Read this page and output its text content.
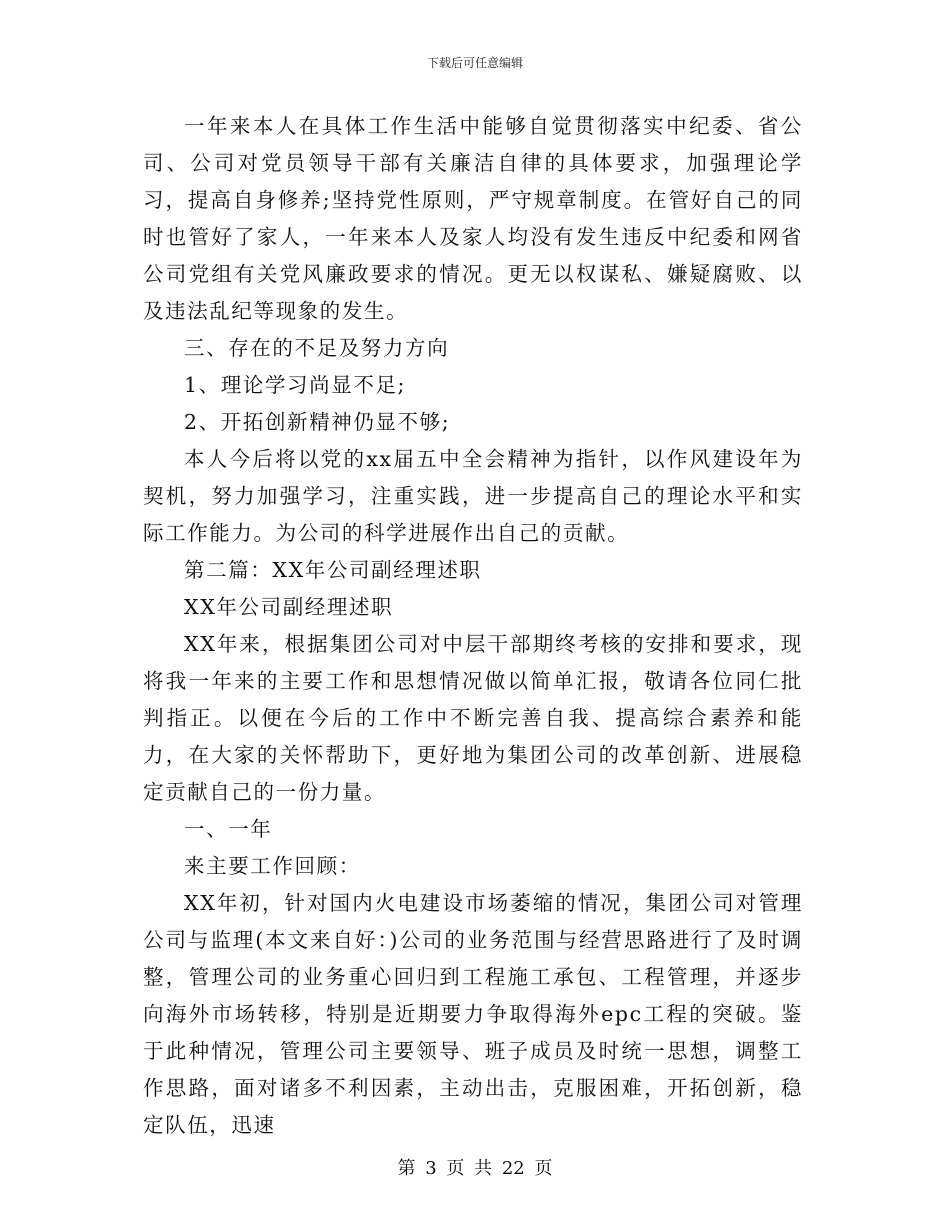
下载后可任意编辑

一年来本人在具体工作生活中能够自觉贯彻落实中纪委、省公司、公司对党员领导干部有关廉洁自律的具体要求，加强理论学习，提高自身修养;坚持党性原则，严守规章制度。在管好自己的同时也管好了家人，一年来本人及家人均没有发生违反中纪委和网省公司党组有关党风廉政要求的情况。更无以权谋私、嫌疑腐败、以及违法乱纪等现象的发生。

三、存在的不足及努力方向

1、理论学习尚显不足;

2、开拓创新精神仍显不够;

本人今后将以党的xx届五中全会精神为指针，以作风建设年为契机，努力加强学习，注重实践，进一步提高自己的理论水平和实际工作能力。为公司的科学进展作出自己的贡献。

第二篇：XX年公司副经理述职

XX年公司副经理述职

XX年来，根据集团公司对中层干部期终考核的安排和要求，现将我一年来的主要工作和思想情况做以简单汇报，敬请各位同仁批判指正。以便在今后的工作中不断完善自我、提高综合素养和能力，在大家的关怀帮助下，更好地为集团公司的改革创新、进展稳定贡献自己的一份力量。

一、一年

来主要工作回顾：

XX年初，针对国内火电建设市场萎缩的情况，集团公司对管理公司与监理(本文来自好：)公司的业务范围与经营思路进行了及时调整，管理公司的业务重心回归到工程施工承包、工程管理，并逐步向海外市场转移，特别是近期要力争取得海外epc工程的突破。鉴于此种情况，管理公司主要领导、班子成员及时统一思想，调整工作思路，面对诸多不利因素，主动出击，克服困难，开拓创新，稳定队伍，迅速

第 3 页 共 22 页
